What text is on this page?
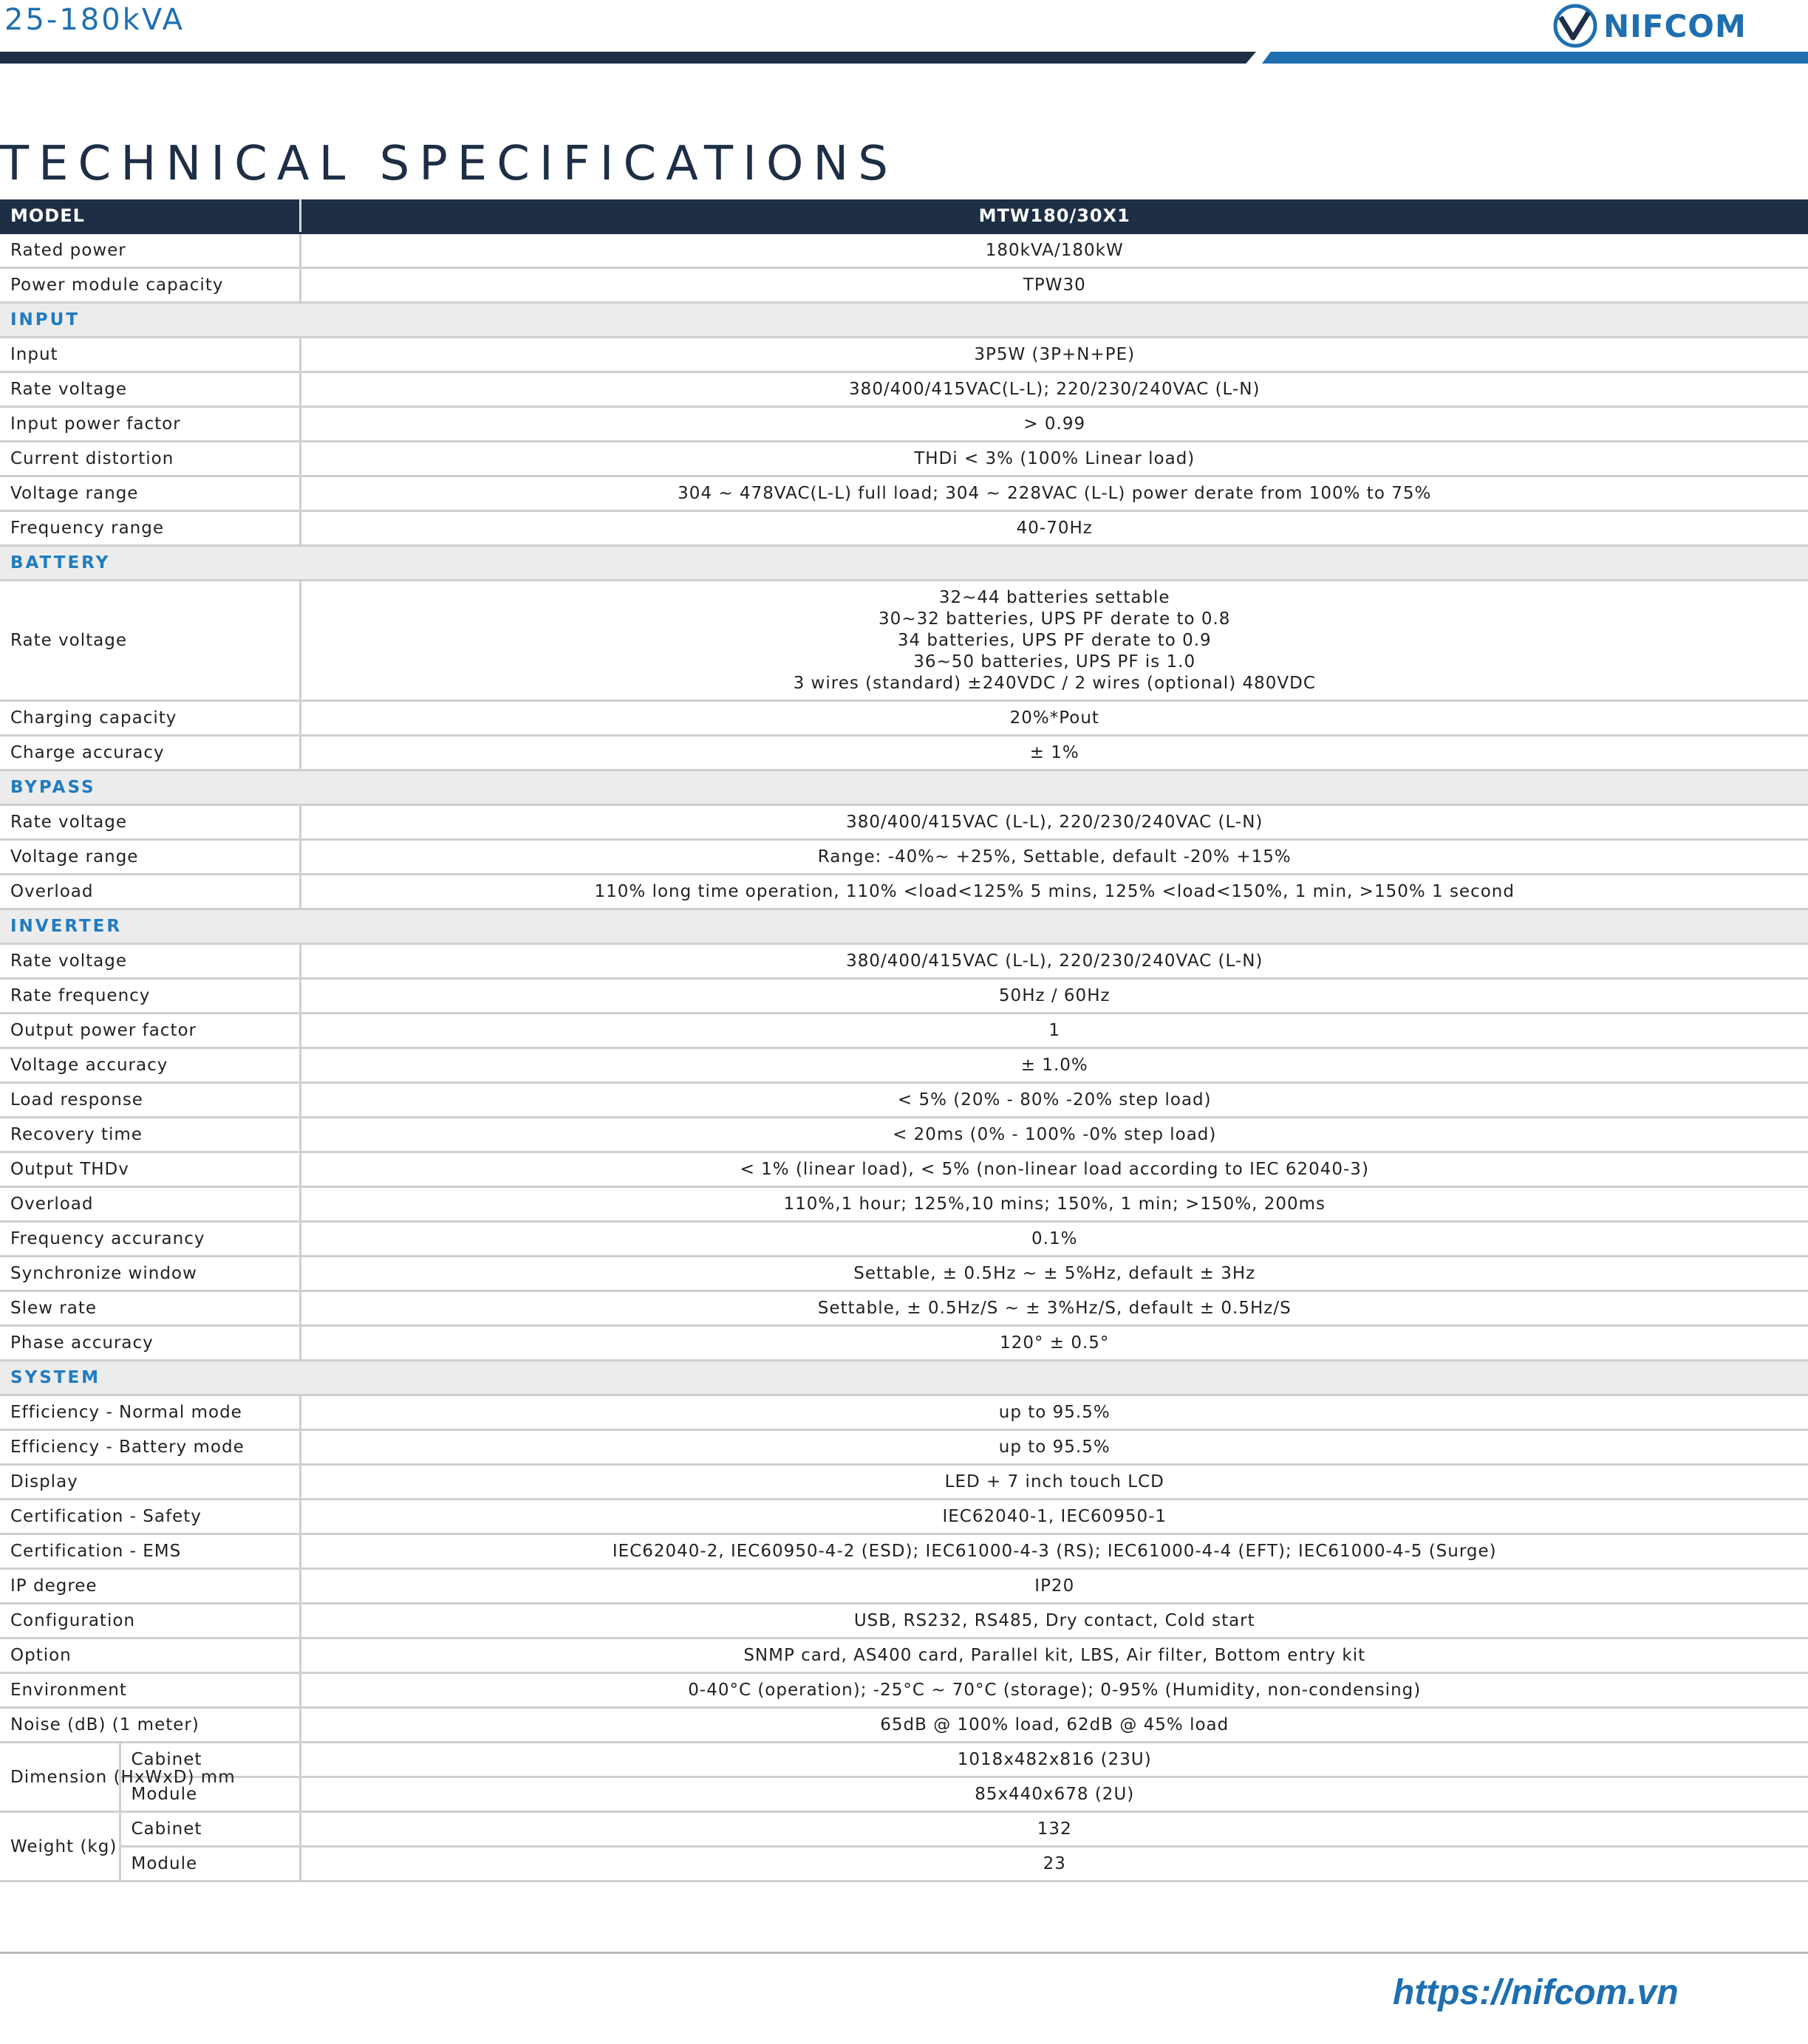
25-180kVA	NIFCOM
TECHNICAL SPECIFICATIONS
MODEL		MTW180/30X1
Rated power		180kVA/180kW
Power module capacity		TPW30
INPUT		
Input		3P5W (3P+N+PE)
Rate voltage		380/400/415VAC(L-L); 220/230/240VAC (L-N)
Input power factor		> 0.99
Current distortion		THDi < 3% (100% Linear load)
Voltage range		304 ~ 478VAC(L-L) full load; 304 ~ 228VAC (L-L) power derate from 100% to 75%
Frequency range		40-70Hz
BATTERY		
Rate voltage		32~44 batteries settable
30~32 batteries, UPS PF derate to 0.8
34 batteries, UPS PF derate to 0.9
36~50 batteries, UPS PF is 1.0
3 wires (standard) ±240VDC / 2 wires (optional) 480VDC

Charging capacity		20%*Pout
Charge accuracy		± 1%
BYPASS		
Rate voltage		380/400/415VAC (L-L), 220/230/240VAC (L-N)
Voltage range		Range: -40%~ +25%, Settable, default -20% +15%
Overload		110% long time operation, 110% <load<125% 5 mins, 125% <load<150%, 1 min, >150% 1 second
INVERTER		
Rate voltage		380/400/415VAC (L-L), 220/230/240VAC (L-N)
Rate frequency		50Hz / 60Hz
Output power factor		1
Voltage accuracy		± 1.0%
Load response		< 5% (20% - 80% -20% step load)
Recovery time		< 20ms (0% - 100% -0% step load)
Output THDv		< 1% (linear load), < 5% (non-linear load according to IEC 62040-3)
Overload		110%,1 hour; 125%,10 mins; 150%, 1 min; >150%, 200ms
Frequency accurancy		0.1%
Synchronize window		Settable, ± 0.5Hz ~ ± 5%Hz, default ± 3Hz
Slew rate		Settable, ± 0.5Hz/S ~ ± 3%Hz/S, default ± 0.5Hz/S
Phase accuracy		120° ± 0.5°
SYSTEM		
Efficiency - Normal mode		up to 95.5%
Efficiency - Battery mode		up to 95.5%
Display		LED + 7 inch touch LCD
Certification - Safety		IEC62040-1, IEC60950-1
Certification - EMS		IEC62040-2, IEC60950-4-2 (ESD); IEC61000-4-3 (RS); IEC61000-4-4 (EFT); IEC61000-4-5 (Surge)
IP degree		IP20
Configuration		USB, RS232, RS485, Dry contact, Cold start
Option		SNMP card, AS400 card, Parallel kit, LBS, Air filter, Bottom entry kit
Environment		0-40°C (operation); -25°C ~ 70°C (storage); 0-95% (Humidity, non-condensing)
Noise (dB) (1 meter)		65dB @ 100% load, 62dB @ 45% load
Dimension (HxWxD) mm	Cabinet	1018x482x816 (23U)
	Module	85x440x678 (2U)
Weight (kg)	Cabinet	132
	Module	23
https://nifcom.vn
